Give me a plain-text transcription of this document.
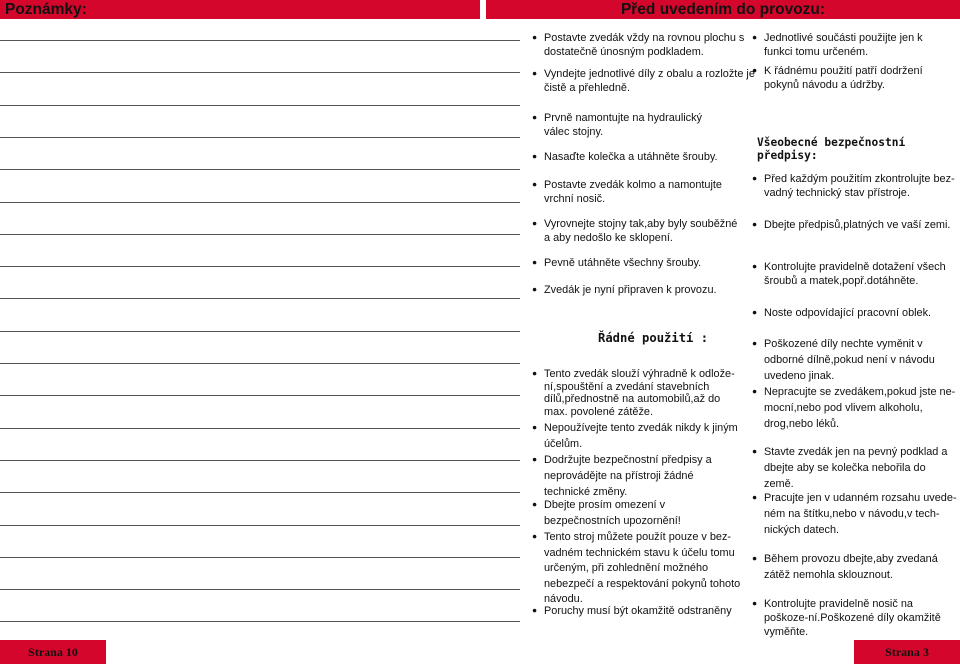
Poznámky:	Před uvedením do provozu:
● Postavte zvedák vždy na rovnou plochu s dostatečně únosným podkladem.
● Vyndejte jednotlivé díly z obalu a rozložte je čistě a přehledně.
● Prvně namontujte na hydraulický válec stojny.
● Nasaďte kolečka a utáhněte šrouby.
● Postavte zvedák kolmo a namontujte vrchní nosič.
● Vyrovnejte stojny tak,aby byly souběžné a aby nedošlo ke sklopení.
● Pevně utáhněte všechny šrouby.
● Zvedák je nyní připraven k provozu.
● Jednotlivé součásti použijte jen k funkci tomu určeném.
● K řádnému použití patří dodržení pokynů návodu a údržby.
Všeobecné bezpečnostní předpisy:
● Před každým použitím zkontrolujte bez-vadný technický stav přístroje.
● Dbejte předpisů,platných ve vaší zemi.
● Kontrolujte pravidelně dotažení všech šroubů a matek,popř.dotáhněte.
● Noste odpovídající pracovní oblek.
● Poškozené díly nechte vyměnit v odborné dílně,pokud není v návodu uvedeno jinak.
● Nepracujte se zvedákem,pokud jste ne-mocní,nebo pod vlivem alkoholu, drog,nebo léků.
● Stavte zvedák jen na pevný podklad a dbejte aby se kolečka nebořila do země.
● Pracujte jen v udanném rozsahu uvede-ném na štítku,nebo v návodu,v tech-nických datech.
● Během provozu dbejte,aby zvedaná zátěž nemohla sklouznout.
● Kontrolujte pravidelně nosič na poškoze-ní.Poškozené díly okamžitě vyměňte.
Řádné použití :
● Tento zvedák slouží výhradně k odlože-ní,spouštění a zvedání stavebních dílů,přednostně na automobilů,až do max. povolené zátěže.
● Nepoužívejte tento zvedák nikdy k jiným účelům.
● Dodržujte bezpečnostní předpisy a neprovádějte na přístroji žádné technické změny.
● Dbejte prosím omezení v bezpečnostních upozornění!
● Tento stroj můžete použít pouze v bez-vadném technickém stavu k účelu tomu určeným, při zohlednění možného nebezpečí a respektování pokynů tohoto návodu.
● Poruchy musí být okamžitě odstraněny
Strana 10	Strana 3
